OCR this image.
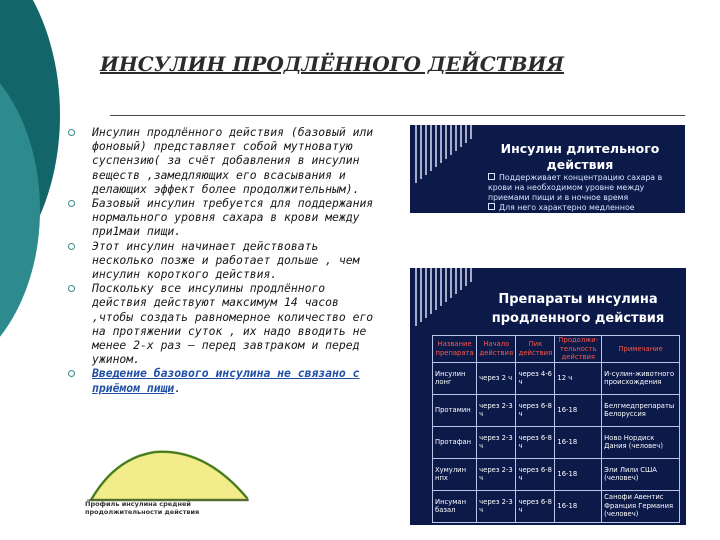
ИНСУЛИН ПРОДЛЁННОГО ДЕЙСТВИЯ
Инсулин продлённого действия (базовый или фоновый) представляет собой мутноватую суспензию( за счёт добавления в инсулин веществ ,замедляющих его всасывания и делающих эффект более продолжительным).
Базовый инсулин требуется для поддержания нормального уровня сахара в крови между при1маи пищи.
Этот инсулин начинает действовать несколько позже и работает дольше , чем инсулин короткого действия.
Поскольку все инсулины продлённого действия действуют максимум 14 часов ,чтобы создать равномерное количество его на протяжении суток , их надо вводить не менее 2-х раз – перед завтраком и перед ужином.
Введение базового инсулина не связано с приёмом пищи.
Профиль инсулина средней продолжительности действия
Инсулин длительного действия
Поддерживает концентрацию сахара в крови на необходимом уровне между приемами пищи и в ночное время
Для него характерно медленное
Препараты инсулина продленного действия
Название препарата	Начало действия	Пик действия	Продолжи-тельность действия	Примечание
Инсулин лонг	через 2 ч	через 4-6 ч	12 ч	И-сулин-животного происхождения
Протамин	через 2-3 ч	через 6-8 ч	16-18	Белгмедпрепараты Белоруссия
Протафан	через 2-3 ч	через 6-8 ч	16-18	Ново Нордиск Дания (человеч)
Хумулин нпх	через 2-3 ч	через 6-8 ч	16-18	Эли Лили США (человеч)
Инсуман базал	через 2-3 ч	через 6-8 ч	16-18	Санофи Авентис Франция Германия (человеч)
